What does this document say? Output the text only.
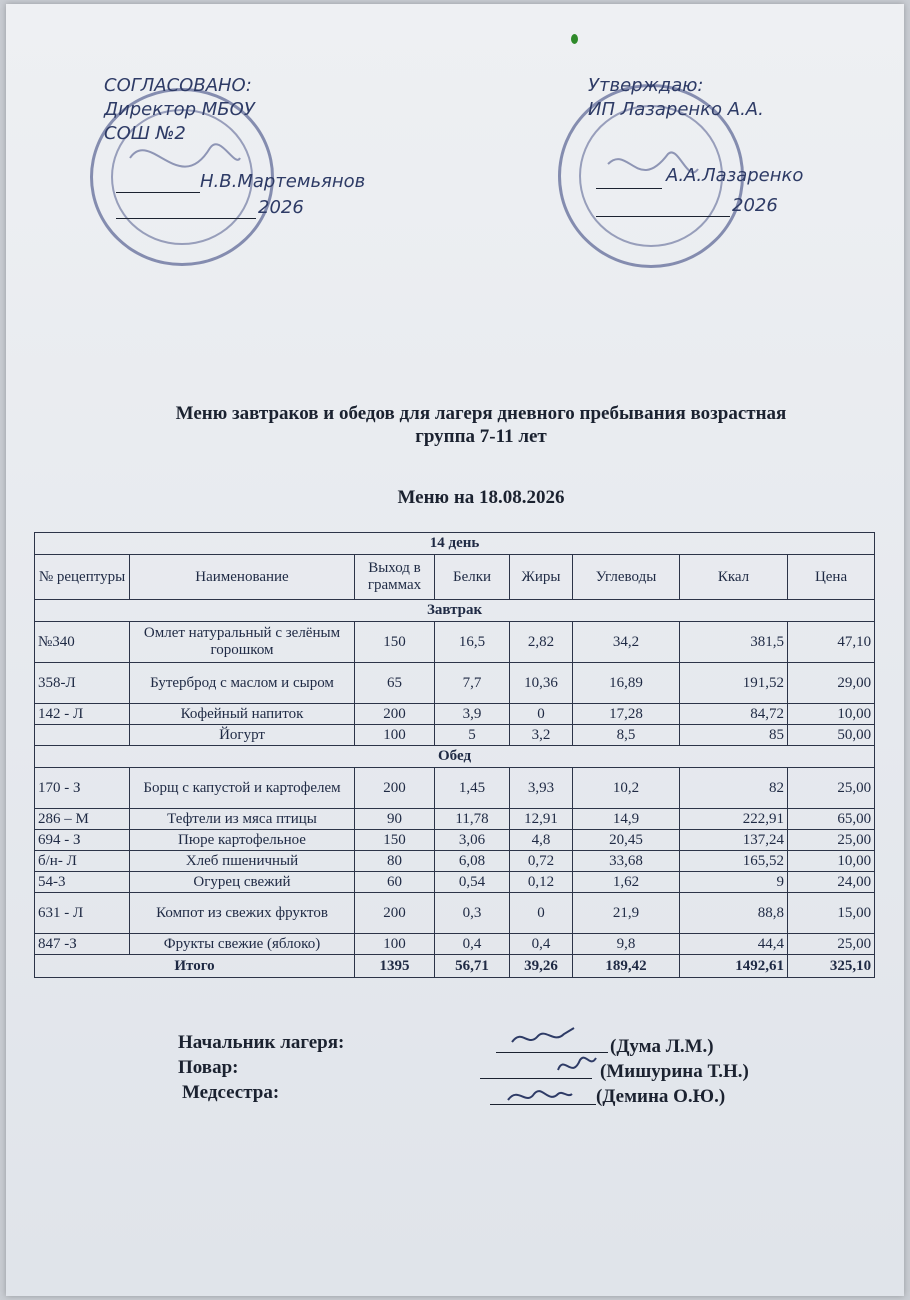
СОГЛАСОВАНО:
Директор МБОУ
СОШ №2
Н.В.Мартемьянов
2026
Утверждаю:
ИП Лазаренко А.А.
А.А.Лазаренко
2026
Меню завтраков и обедов для лагеря дневного пребывания возрастная
группа 7-11 лет
Меню на 18.08.2026
14 день							
№ рецептуры	Наименование	Выход в граммах	Белки	Жиры	Углеводы	Ккал	Цена
Завтрак							
№340	Омлет натуральный с зелёным горошком	150	16,5	2,82	34,2	381,5	47,10
358-Л	Бутерброд с маслом и сыром	65	7,7	10,36	16,89	191,52	29,00
142 - Л	Кофейный напиток	200	3,9	0	17,28	84,72	10,00
	Йогурт	100	5	3,2	8,5	85	50,00
Обед							
170 - З	Борщ с капустой и картофелем	200	1,45	3,93	10,2	82	25,00
286 – М	Тефтели из мяса птицы	90	11,78	12,91	14,9	222,91	65,00
694 - З	Пюре картофельное	150	3,06	4,8	20,45	137,24	25,00
б/н- Л	Хлеб пшеничный	80	6,08	0,72	33,68	165,52	10,00
54-3	Огурец свежий	60	0,54	0,12	1,62	9	24,00
631 - Л	Компот из свежих фруктов	200	0,3	0	21,9	88,8	15,00
847 -З	Фрукты свежие (яблоко)	100	0,4	0,4	9,8	44,4	25,00
Итого		1395	56,71	39,26	189,42	1492,61	325,10
Начальник лагеря:
Повар:
Медсестра:
(Дума Л.М.)
(Мишурина Т.Н.)
(Демина О.Ю.)
